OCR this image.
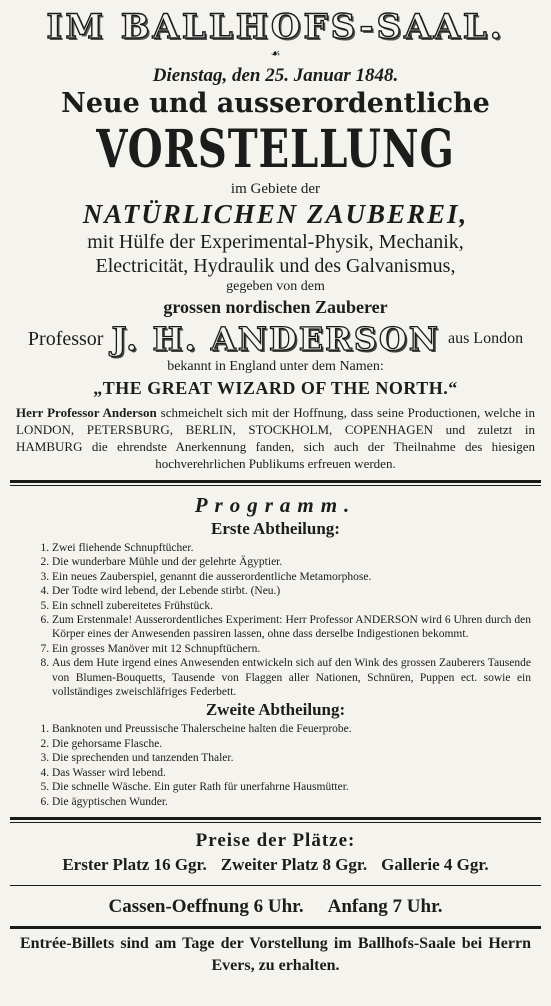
IM BALLHOFS-SAAL.
☙
Dienstag, den 25. Januar 1848.
Neue und ausserordentliche
VORSTELLUNG
im Gebiete der
NATÜRLICHEN ZAUBEREI,
mit Hülfe der Experimental-Physik, Mechanik,
Electricität, Hydraulik und des Galvanismus,
gegeben von dem
grossen nordischen Zauberer
Professor J. H. ANDERSON aus London
bekannt in England unter dem Namen:
„THE GREAT WIZARD OF THE NORTH.“
Herr Professor Anderson schmeichelt sich mit der Hoffnung, dass seine Productionen, welche in LONDON, PETERSBURG, BERLIN, STOCKHOLM, COPENHAGEN und zuletzt in HAMBURG die ehrendste Anerkennung fanden, sich auch der Theilnahme des hiesigen hochverehrlichen Publikums erfreuen werden.
Programm.
Erste Abtheilung:
1. Zwei fliehende Schnupftücher.
2. Die wunderbare Mühle und der gelehrte Ägyptier.
3. Ein neues Zauberspiel, genannt die ausserordentliche Metamorphose.
4. Der Todte wird lebend, der Lebende stirbt. (Neu.)
5. Ein schnell zubereitetes Frühstück.
6. Zum Erstenmale! Ausserordentliches Experiment: Herr Professor ANDERSON wird 6 Uhren durch den Körper eines der Anwesenden passiren lassen, ohne dass derselbe Indigestionen bekommt.
7. Ein grosses Manöver mit 12 Schnupftüchern.
8. Aus dem Hute irgend eines Anwesenden entwickeln sich auf den Wink des grossen Zauberers Tausende von Blumen-Bouquetts, Tausende von Flaggen aller Nationen, Schnüren, Puppen ect. sowie ein vollständiges zweischläfriges Federbett.
Zweite Abtheilung:
1. Banknoten und Preussische Thalerscheine halten die Feuerprobe.
2. Die gehorsame Flasche.
3. Die sprechenden und tanzenden Thaler.
4. Das Wasser wird lebend.
5. Die schnelle Wäsche. Ein guter Rath für unerfahrne Hausmütter.
6. Die ägyptischen Wunder.
Preise der Plätze:
Erster Platz 16 Ggr. Zweiter Platz 8 Ggr. Gallerie 4 Ggr.
Cassen-Oeffnung 6 Uhr. Anfang 7 Uhr.
Entrée-Billets sind am Tage der Vorstellung im Ballhofs-Saale bei Herrn Evers, zu erhalten.
